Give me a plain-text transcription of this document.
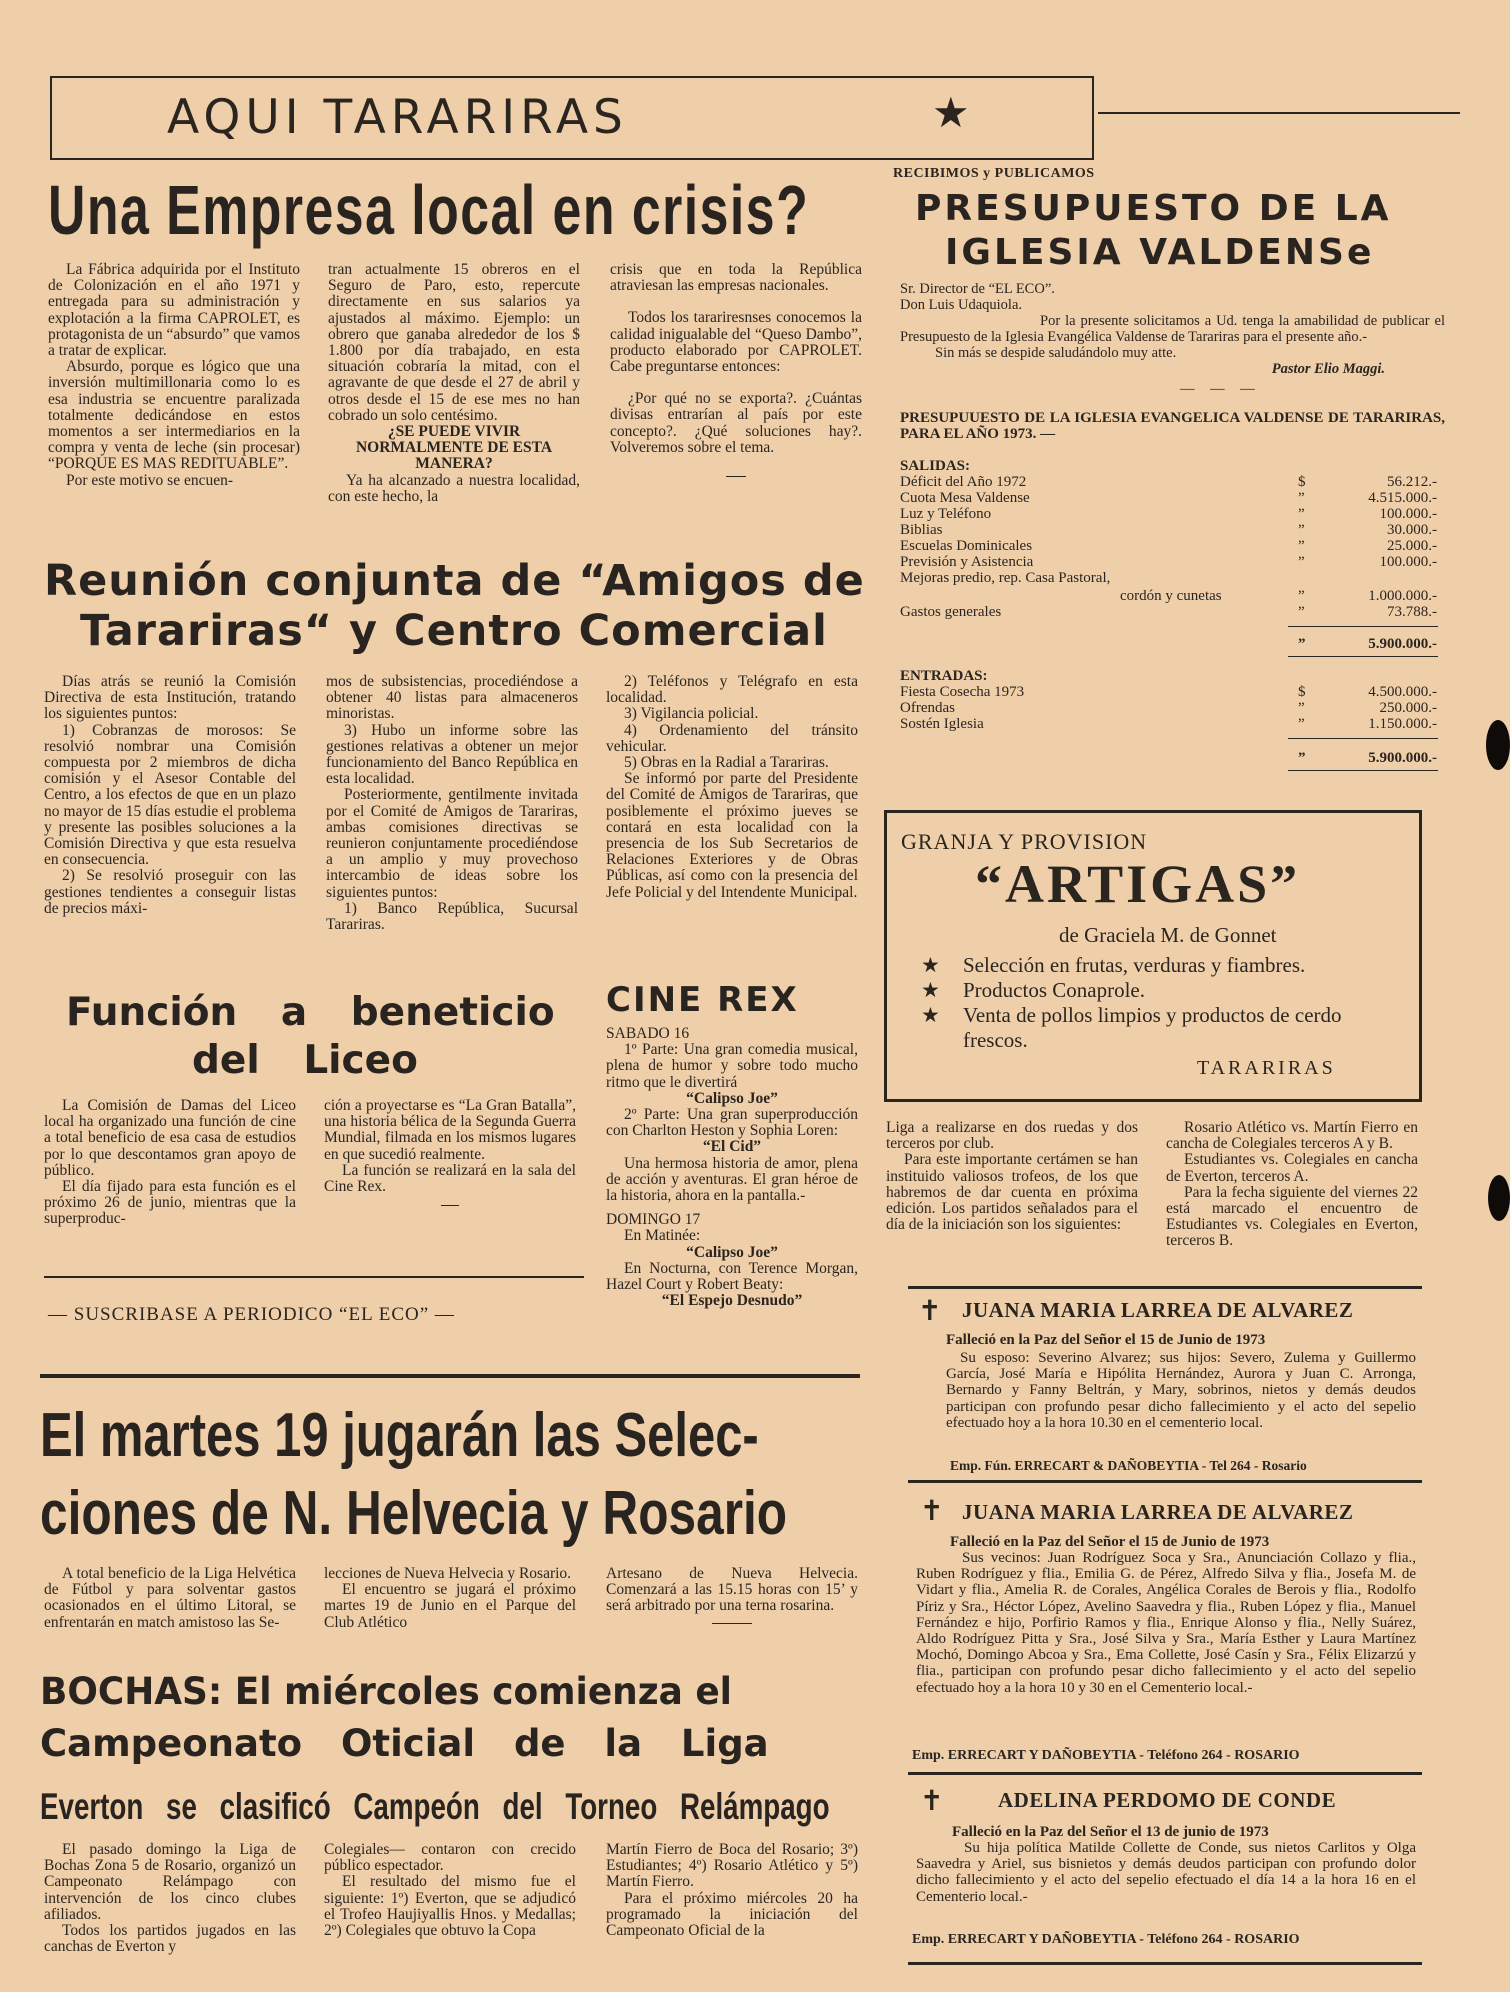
AQUI TARARIRAS	★
Una Empresa local en crisis?

La Fábrica adquirida por el Instituto de Colonización en el año 1971 y entregada para su administración y explotación a la firma CAPROLET, es protagonista de un “absurdo” que vamos a tratar de explicar.

Absurdo, porque es lógico que una inversión multimillonaria como lo es esa industria se encuentre paralizada totalmente dedicándose en estos momentos a ser intermediarios en la compra y venta de leche (sin procesar) “PORQUE ES MAS REDITUABLE”.

Por este motivo se encuen-

tran actualmente 15 obreros en el Seguro de Paro, esto, repercute directamente en sus salarios ya ajustados al máximo. Ejemplo: un obrero que ganaba alrededor de los $ 1.800 por día trabajado, en esta situación cobraría la mitad, con el agravante de que desde el 27 de abril y otros desde el 15 de ese mes no han cobrado un solo centésimo.

¿SE PUEDE VIVIR NORMALMENTE DE ESTA MANERA?

Ya ha alcanzado a nuestra localidad, con este hecho, la

crisis que en toda la República atraviesan las empresas nacionales.

Todos los tarariresnses conocemos la calidad inigualable del “Queso Dambo”, producto elaborado por CAPROLET. Cabe preguntarse entonces:

¿Por qué no se exporta?. ¿Cuántas divisas entrarían al país por este concepto?. ¿Qué soluciones hay?. Volveremos sobre el tema.

RECIBIMOS y PUBLICAMOS
PRESUPUESTO DE LA
IGLESIA VALDENSe
Sr. Director de “EL ECO”.
Don Luis Udaquiola.
Por la presente solicitamos a Ud. tenga la amabilidad de publicar el Presupuesto de la Iglesia Evangélica Valdense de Tarariras para el presente año.-
Sin más se despide saludándolo muy atte.
Pastor Elio Maggi.
— — —
PRESUPUUESTO DE LA IGLESIA EVANGELICA VALDENSE DE TARARIRAS, PARA EL AÑO 1973. —
SALIDAS:
Déficit del Año 1972	$	56.212.-
Cuota Mesa Valdense	”	4.515.000.-
Luz y Teléfono	”	100.000.-
Biblias	”	30.000.-
Escuelas Dominicales	”	25.000.-
Previsión y Asistencia	”	100.000.-
Mejoras predio, rep. Casa Pastoral,
cordón y cunetas	”	1.000.000.-
Gastos generales	”	73.788.-
”	5.900.000.-
ENTRADAS:
Fiesta Cosecha 1973	$	4.500.000.-
Ofrendas	”	250.000.-
Sostén Iglesia	”	1.150.000.-
”	5.900.000.-
Reunión conjunta de “Amigos de
Tarariras“ y Centro Comercial

Días atrás se reunió la Comisión Directiva de esta Institución, tratando los siguientes puntos:

1) Cobranzas de morosos: Se resolvió nombrar una Comisión compuesta por 2 miembros de dicha comisión y el Asesor Contable del Centro, a los efectos de que en un plazo no mayor de 15 días estudie el problema y presente las posibles soluciones a la Comisión Directiva y que esta resuelva en consecuencia.

2) Se resolvió proseguir con las gestiones tendientes a conseguir listas de precios máxi-

mos de subsistencias, procediéndose a obtener 40 listas para almaceneros minoristas.

3) Hubo un informe sobre las gestiones relativas a obtener un mejor funcionamiento del Banco República en esta localidad.

Posteriormente, gentilmente invitada por el Comité de Amigos de Tarariras, ambas comisiones directivas se reunieron conjuntamente procediéndose a un amplio y muy provechoso intercambio de ideas sobre los siguientes puntos:

1) Banco República, Sucursal Tarariras.

2) Teléfonos y Telégrafo en esta localidad.

3) Vigilancia policial.

4) Ordenamiento del tránsito vehicular.

5) Obras en la Radial a Tarariras.

Se informó por parte del Presidente del Comité de Amigos de Tarariras, que posiblemente el próximo jueves se contará en esta localidad con la presencia de los Sub Secretarios de Relaciones Exteriores y de Obras Públicas, así como con la presencia del Jefe Policial y del Intendente Municipal.

GRANJA Y PROVISION
“ARTIGAS”
de Graciela M. de Gonnet
★ Selección en frutas, verduras y fiambres.
★ Productos Conaprole.
★ Venta de pollos limpios y productos de cerdo frescos.
TARARIRAS
Función a beneticio
del Liceo

La Comisión de Damas del Liceo local ha organizado una función de cine a total beneficio de esa casa de estudios por lo que descontamos gran apoyo de público.

El día fijado para esta función es el próximo 26 de junio, mientras que la superproduc-

ción a proyectarse es “La Gran Batalla”, una historia bélica de la Segunda Guerra Mundial, filmada en los mismos lugares en que sucedió realmente.

La función se realizará en la sala del Cine Rex.

CINE REX

SABADO 16

1º Parte: Una gran comedia musical, plena de humor y sobre todo mucho ritmo que le divertirá

“Calipso Joe”

2º Parte: Una gran superproducción con Charlton Heston y Sophia Loren:

“El Cid”

Una hermosa historia de amor, plena de acción y aventuras. El gran héroe de la historia, ahora en la pantalla.-

DOMINGO 17

En Matinée:

“Calipso Joe”

En Nocturna, con Terence Morgan, Hazel Court y Robert Beaty:

“El Espejo Desnudo”

Liga a realizarse en dos ruedas y dos terceros por club.

Para este importante certámen se han instituido valiosos trofeos, de los que habremos de dar cuenta en próxima edición. Los partidos señalados para el día de la iniciación son los siguientes:

Rosario Atlético vs. Martín Fierro en cancha de Colegiales terceros A y B.

Estudiantes vs. Colegiales en cancha de Everton, terceros A.

Para la fecha siguiente del viernes 22 está marcado el encuentro de Estudiantes vs. Colegiales en Everton, terceros B.

— SUSCRIBASE A PERIODICO “EL ECO” —
El martes 19 jugarán las Selec-
ciones de N. Helvecia y Rosario

A total beneficio de la Liga Helvética de Fútbol y para solventar gastos ocasionados en el último Litoral, se enfrentarán en match amistoso las Se-

lecciones de Nueva Helvecia y Rosario.

El encuentro se jugará el próximo martes 19 de Junio en el Parque del Club Atlético

Artesano de Nueva Helvecia. Comenzará a las 15.15 horas con 15’ y será arbitrado por una terna rosarina.

BOCHAS: El miércoles comienza el
Campeonato Oticial de la Liga
Everton se clasificó Campeón del Torneo Relámpago

El pasado domingo la Liga de Bochas Zona 5 de Rosario, organizó un Campeonato Relámpago con intervención de los cinco clubes afiliados.

Todos los partidos jugados en las canchas de Everton y

Colegiales— contaron con crecido público espectador.

El resultado del mismo fue el siguiente: 1º) Everton, que se adjudicó el Trofeo Haujiyallis Hnos. y Medallas; 2º) Colegiales que obtuvo la Copa

Martín Fierro de Boca del Rosario; 3º) Estudiantes; 4º) Rosario Atlético y 5º) Martín Fierro.

Para el próximo miércoles 20 ha programado la iniciación del Campeonato Oficial de la

✝ JUANA MARIA LARREA DE ALVAREZ
Falleció en la Paz del Señor el 15 de Junio de 1973
Su esposo: Severino Alvarez; sus hijos: Severo, Zulema y Guillermo García, José María e Hipólita Hernández, Aurora y Juan C. Arronga, Bernardo y Fanny Beltrán, y Mary, sobrinos, nietos y demás deudos participan con profundo pesar dicho fallecimiento y el acto del sepelio efectuado hoy a la hora 10.30 en el cementerio local.
Emp. Fún. ERRECART & DAÑOBEYTIA - Tel 264 - Rosario
✝ JUANA MARIA LARREA DE ALVAREZ
Falleció en la Paz del Señor el 15 de Junio de 1973
Sus vecinos: Juan Rodríguez Soca y Sra., Anunciación Collazo y flia., Ruben Rodríguez y flia., Emilia G. de Pérez, Alfredo Silva y flia., Josefa M. de Vidart y flia., Amelia R. de Corales, Angélica Corales de Berois y flia., Rodolfo Píriz y Sra., Héctor López, Avelino Saavedra y flia., Ruben López y flia., Manuel Fernández e hijo, Porfirio Ramos y flia., Enrique Alonso y flia., Nelly Suárez, Aldo Rodríguez Pitta y Sra., José Silva y Sra., María Esther y Laura Martínez Mochó, Domingo Abcoa y Sra., Ema Collette, José Casín y Sra., Félix Elizarzú y flia., participan con profundo pesar dicho fallecimiento y el acto del sepelio efectuado hoy a la hora 10 y 30 en el Cementerio local.-
Emp. ERRECART Y DAÑOBEYTIA - Teléfono 264 - ROSARIO
✝	ADELINA PERDOMO DE CONDE
Falleció en la Paz del Señor el 13 de junio de 1973
Su hija política Matilde Collette de Conde, sus nietos Carlitos y Olga Saavedra y Ariel, sus bisnietos y demás deudos participan con profundo dolor dicho fallecimiento y el acto del sepelio efectuado el día 14 a la hora 16 en el Cementerio local.-
Emp. ERRECART Y DAÑOBEYTIA - Teléfono 264 - ROSARIO
